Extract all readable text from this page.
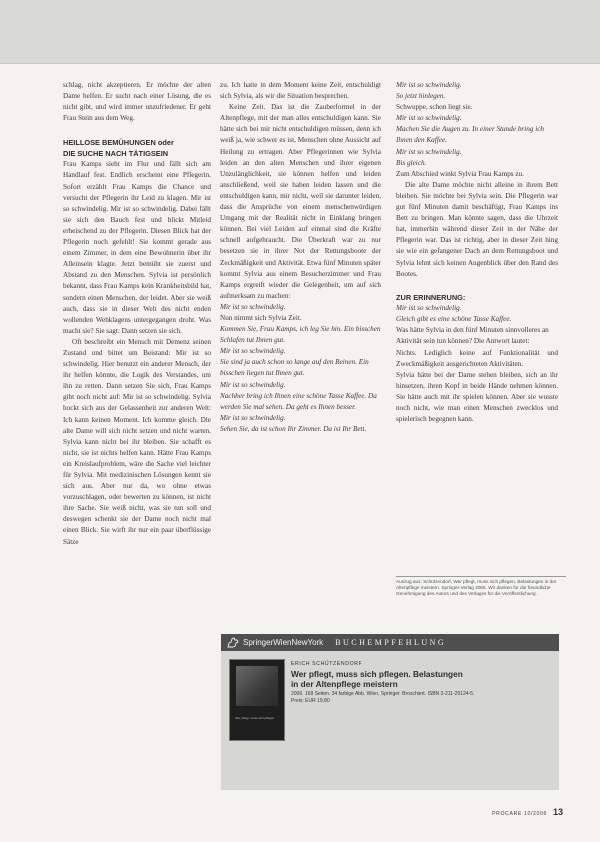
schlag, nicht akzeptieren. Er möchte der alten Dame helfen. Er sucht nach einer Lösung, die es nicht gibt, und wird immer unzufriedener. Er geht Frau Stein aus dem Weg.

HEILLOSE BEMÜHUNGEN oder
DIE SUCHE NACH TÄTIGSEIN

Frau Kamps sieht im Flur und fällt sich am Handlauf fest. Endlich erscheint eine Pflegerin. Sofort erzählt Frau Kamps die Chance und versucht der Pflegerin ihr Leid zu klagen. Mir ist so schwindelig. Mir ist so schwindelig. Dabei fällt sie sich den Bauch fest und blickt Mitleid erheischend zu der Pflegerin. Diesen Blick hat der Pflegerin noch gefehlt! Sie kommt gerade aus einem Zimmer, in dem eine Bewohnerin über ihr Alleinsein klagte. Jetzt bemüht sie zuerst und Abstand zu den Menschen. Sylvia ist persönlich bekannt, dass Frau Kamps kein Krankheitsbild hat, sondern einen Menschen, der leidet. Aber sie weiß auch, dass sie in dieser Welt des nicht enden wollenden Wehklagens untergegangen droht. Was macht sie? Sie sagt: Dann setzen sie sich.

Oft beschreibt ein Mensch mit Demenz seinen Zustand und bittet um Beistand: Mir ist so schwindelig. Hier benutzt ein anderer Mensch, der ihr helfen könnte, die Logik des Verstandes, um ihn zu retten. Dann setzen Sie sich, Frau Kamps gibt noch nicht auf: Mir ist so schwindelig. Sylvia hockt sich aus der Gelassenheit zur anderen Welt: Ich kann keinen Moment. Ich komme gleich. Die alte Dame will sich nicht setzen und nicht warten. Sylvia kann nicht bei ihr bleiben. Sie schafft es nicht, sie ist nichts helfen kann. Hätte Frau Kamps ein Kreislaufproblem, wäre die Sache viel leichter für Sylvia. Mit medizinischen Lösungen kennt sie sich aus. Aber nur da, wo ohne etwas vorzuschlagen, oder bewerten zu können, ist nicht ihre Sache. Sie weiß nicht, was sie tun soll und deswegen schenkt sie der Dame noch nicht mal einen Blick. Sie wirft ihr nur ein paar überflüssige Sätze

zu. Ich hatte in dem Moment keine Zeit, entschuldigt sich Sylvia, als wir die Situation besprechen.

Keine Zeit. Das ist die Zauberformel in der Altenpflege, mit der man alles entschuldigen kann. Sie hätte sich bei mir nicht entschuldigen müssen, denn ich weiß ja, wie schwer es ist, Menschen ohne Aussicht auf Heilung zu ertragen. Aber Pflegerinnen wie Sylvia leiden an den alten Menschen und ihrer eigenen Unzulänglichkeit, sie können helfen und leiden anschließend, weil sie haben leiden lassen und die entschuldigen kann, mir nicht, weil sie darunter leiden, dass die Ansprüche von einem menschenwürdigen Umgang mit der Realität nicht in Einklang bringen können. Bei viel Leiden auf einmal sind die Kräfte schnell aufgebraucht. Die Überkraft war zu nur besetzen sie in ihrer Not der Rettungsboote der Zeckmäßigkeit und Aktivität. Etwa fünf Minuten später kommt Sylvia aus einem Besucherzimmer und Frau Kamps ergreift wieder die Gelegenheit, um auf sich aufmerksam zu machen:

Mir ist so schwindelig.

Nun nimmt sich Sylvia Zeit.

Kommen Sie, Frau Kamps, ich leg Sie hin. Ein bisschen Schlafen tut Ihnen gut.

Mir ist so schwindelig.

Sie sind ja auch schon so lange auf den Beinen. Ein bisschen liegen tut Ihnen gut.

Mir ist so schwindelig.

Nachher bring ich Ihnen eine schöne Tasse Kaffee. Da werden Sie mal sehen. Da geht es Ihnen besser.

Mir ist so schwindelig.

Sehen Sie, da ist schon Ihr Zimmer. Da ist Ihr Bett.

Mir ist so schwindelig.

So jetzt hinlegen.

Schwuppe, schon liegt sie.

Mir ist so schwindelig.

Machen Sie die Augen zu. In einer Stunde bring ich Ihnen den Kaffee.

Mir ist so schwindelig.

Bis gleich.

Zum Abschied winkt Sylvia Frau Kamps zu.

Die alte Dame möchte nicht alleine in ihrem Bett bleiben. Sie möchte bei Sylvia sein. Die Pflegerin war gut fünf Minuten damit beschäftigt, Frau Kamps ins Bett zu bringen. Man könnte sagen, dass die Uhrzeit hat, immerhin während dieser Zeit in der Nähe der Pflegerin war. Das ist richtig, aber in dieser Zeit hing sie wie ein gefangener Dach an dem Rettungsboot und Sylvia lehnt sich keinen Augenblick über den Rand des Bootes.

ZUR ERINNERUNG:

Mir ist so schwindelig.

Gleich gibt es eine schöne Tasse Kaffee.

Was hätte Sylvia in den fünf Minuten sinnvolleres an Aktivität sein tun können? Die Antwort lautet:

Nichts. Lediglich keine auf Funktionalität und Zweckmäßigkeit ausgerichteten Aktivitäten.

Sylvia hätte bei der Dame stehen bleiben, sich an ihr hinsetzen, ihren Kopf in beide Hände nehmen können. Sie hätte auch mit ihr spielen können. Aber sie wusste noch nicht, wie man einen Menschen zwecklos und spielerisch begegnen kann.

Auszug aus: Schützendorf, Wer pflegt, muss sich pflegen. Belastungen in der Altenpflege meistern. Springer-Verlag 2006. Wir danken für die freundliche Genehmigung des Autors und des Verlages für die Veröffentlichung.
SpringerWienNewYork BUCHEMPFEHLUNG
Wer pflegt, muss sich pflegen
ERICH SCHÜTZENDORF
Wer pflegt, muss sich pflegen. Belastungen
in der Altenpflege meistern
2006. 168 Seiten. 34 farbige Abb. Wien, Springer. Broschiert. ISBN 3-211-29124-5.
Preis: EUR 19,80
PROCARE 10/2006 13
